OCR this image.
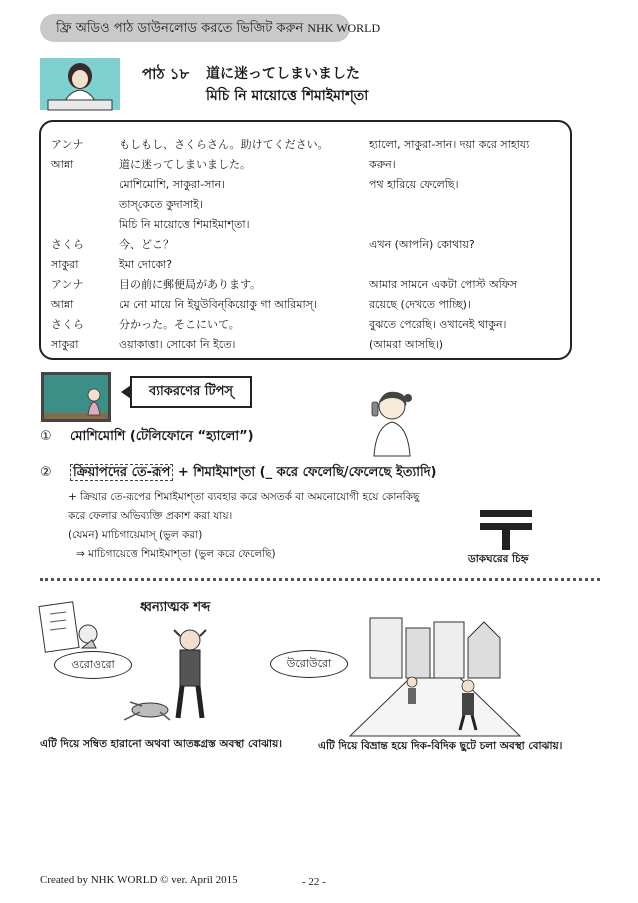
ফ্রি অডিও পাঠ ডাউনলোড করতে ভিজিট করুন NHK WORLD
পাঠ ১৮ 道に迷ってしまいました
মিচি নি মায়োত্তে শিমাইমাশ্‌তা
アンナ	もしもし、さくらさん。助けてください。	হ্যালো, সাকুরা-সান। দয়া করে সাহায্য
আন্না	道に迷ってしまいました。	করুন।
মোশিমোশি, সাকুরা-সান।	পথ হারিয়ে ফেলেছি।
তাস্‌কেতে কুদাসাই।
মিচি নি মায়োত্তে শিমাইমাশ্‌তা।
さくら	今、どこ？	এখন (আপনি) কোথায়?
সাকুরা	ইমা দোকো?
アンナ	目の前に郵便局があります。	আমার সামনে একটা পোস্ট অফিস
আন্না	মে নো মায়ে নি ইয়ুউবিন্‌কিয়োকু গা আরিমাস্‌।	রয়েছে (দেখতে পাচ্ছি)।
さくら	分かった。そこにいて。	বুঝতে পেরেছি। ওখানেই থাকুন।
সাকুরা	ওয়াকাত্তা। সোকো নি ইতে।	(আমরা আসছি।)
ব্যাকরণের টিপস্‌
① মোশিমোশি (টেলিফোনে “হ্যালো”)
② ক্রিয়াপদের তে-রূপ + শিমাইমাশ্‌তা (_ করে ফেলেছি/ফেলেছে ইত্যাদি)
+ ক্রিয়ার তে-রূপের শিমাইমাশ্‌তা ব্যবহার করে অসতর্ক বা অমনোযোগী হয়ে কোনকিছু
করে ফেলার অভিব্যক্তি প্রকাশ করা যায়।
(যেমন) মাচিগায়েমাস্‌ (ভুল করা)
⇒ মাচিগায়েত্তে শিমাইমাশ্‌তা (ভুল করে ফেলেছি)	ডাকঘরের চিহ্ন
ধ্বন্যাত্মক শব্দ
ওরোওরো	উরোউরো
এটি দিয়ে সম্বিত হারানো অথবা আতঙ্কগ্রস্ত অবস্থা বোঝায়।	এটি দিয়ে বিভ্রান্ত হয়ে দিক-বিদিক ছুটে চলা অবস্থা বোঝায়।
Created by NHK WORLD © ver. April 2015	- 22 -
